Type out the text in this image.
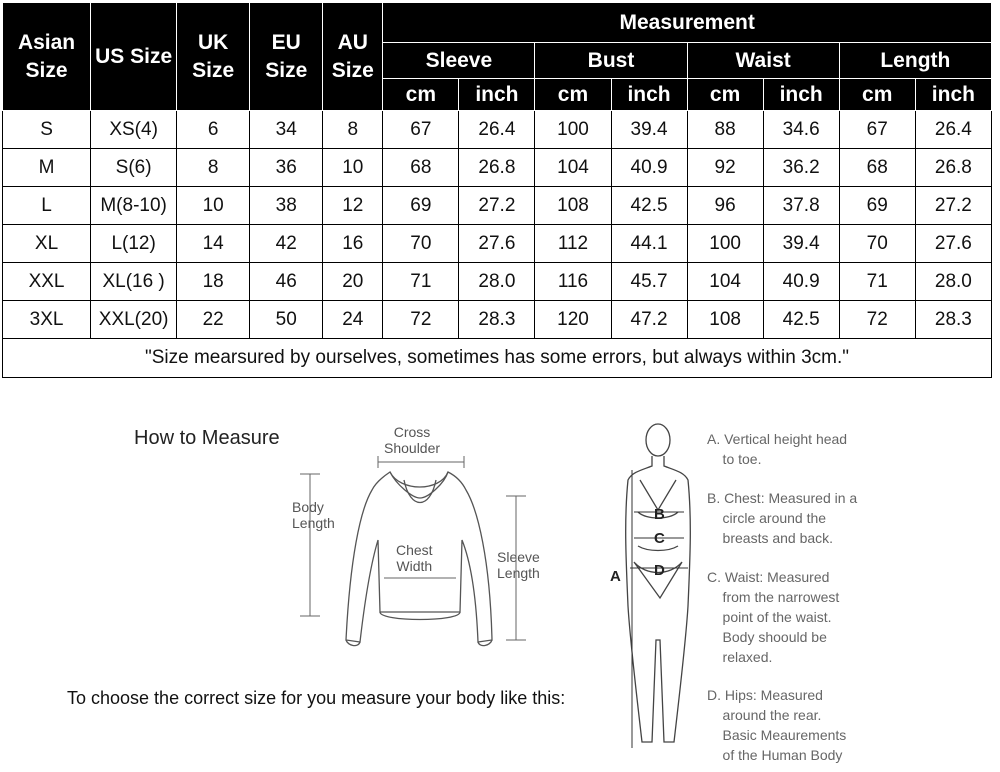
Asian Size	US Size	UK Size	EU Size	AU Size	Measurement							
					Sleeve		Bust		Waist		Length	
					cm	inch	cm	inch	cm	inch	cm	inch
S	XS(4)	6	34	8	67	26.4	100	39.4	88	34.6	67	26.4
M	S(6)	8	36	10	68	26.8	104	40.9	92	36.2	68	26.8
L	M(8-10)	10	38	12	69	27.2	108	42.5	96	37.8	69	27.2
XL	L(12)	14	42	16	70	27.6	112	44.1	100	39.4	70	27.6
XXL	XL(16 )	18	46	20	71	28.0	116	45.7	104	40.9	71	28.0
3XL	XXL(20)	22	50	24	72	28.3	120	47.2	108	42.5	72	28.3
"Size mearsured by ourselves, sometimes has some errors, but always within 3cm."												
How to Measure	Cross
Shoulder
Body
Length
Chest
Width
Sleeve
Length
To choose the correct size for you measure your body like this:
A. Vertical height head
to toe.
B. Chest: Measured in a
circle around the
breasts and back.
C. Waist: Measured
from the narrowest
point of the waist.
Body shoould be
relaxed.
D. Hips: Measured
around the rear.
Basic Meaurements
of the Human Body
A
B
C
D
